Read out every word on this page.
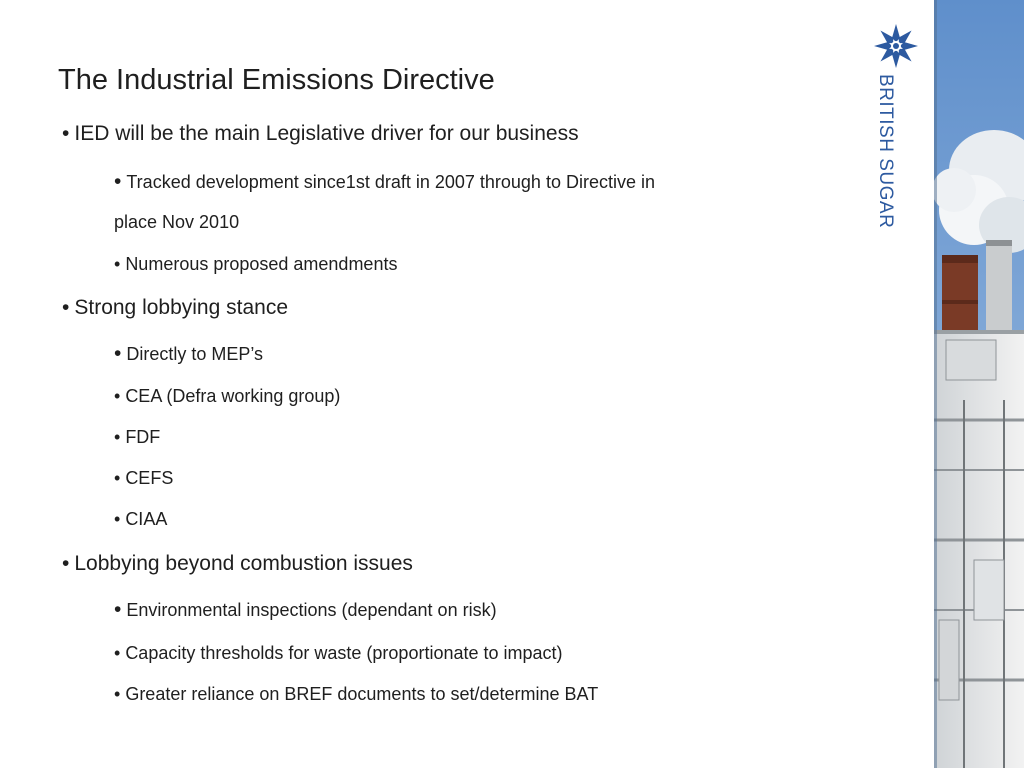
The Industrial Emissions Directive
• IED will be the main Legislative driver for our business
• Tracked development since1st draft in 2007 through to Directive in
place Nov 2010
• Numerous proposed amendments
• Strong lobbying stance
• Directly to MEP’s
• CEA (Defra working group)
• FDF
• CEFS
• CIAA
• Lobbying beyond combustion issues
• Environmental inspections (dependant on risk)
• Capacity thresholds for waste (proportionate to impact)
• Greater reliance on BREF documents to set/determine BAT
BRITISH SUGAR
